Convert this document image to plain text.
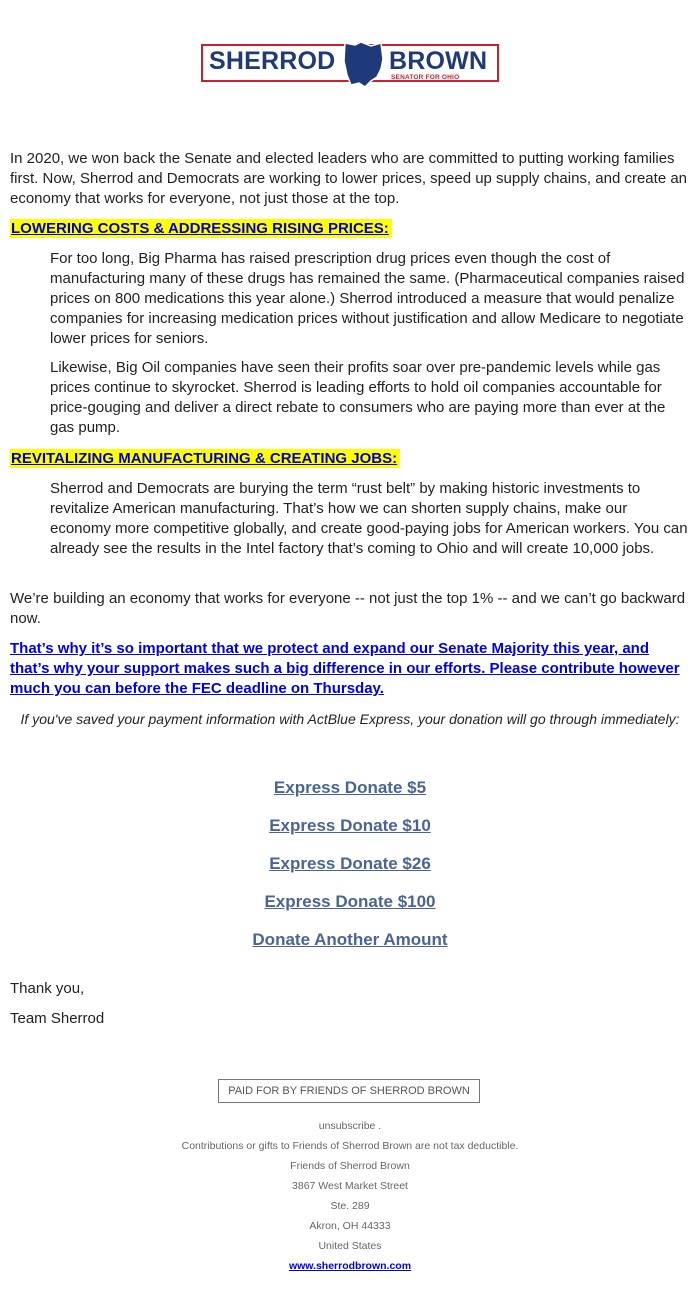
SHERROD BROWN
SENATOR FOR OHIO

In 2020, we won back the Senate and elected leaders who are committed to putting working families first. Now, Sherrod and Democrats are working to lower prices, speed up supply chains, and create an economy that works for everyone, not just those at the top.

LOWERING COSTS & ADDRESSING RISING PRICES:

For too long, Big Pharma has raised prescription drug prices even though the cost of manufacturing many of these drugs has remained the same. (Pharmaceutical companies raised prices on 800 medications this year alone.) Sherrod introduced a measure that would penalize companies for increasing medication prices without justification and allow Medicare to negotiate lower prices for seniors.

Likewise, Big Oil companies have seen their profits soar over pre-pandemic levels while gas prices continue to skyrocket. Sherrod is leading efforts to hold oil companies accountable for price-gouging and deliver a direct rebate to consumers who are paying more than ever at the gas pump.

REVITALIZING MANUFACTURING & CREATING JOBS:

Sherrod and Democrats are burying the term “rust belt” by making historic investments to revitalize American manufacturing. That’s how we can shorten supply chains, make our economy more competitive globally, and create good-paying jobs for American workers. You can already see the results in the Intel factory that’s coming to Ohio and will create 10,000 jobs.

We’re building an economy that works for everyone -- not just the top 1% -- and we can’t go backward now.

That’s why it’s so important that we protect and expand our Senate Majority this year, and that’s why your support makes such a big difference in our efforts. Please contribute however much you can before the FEC deadline on Thursday.

If you've saved your payment information with ActBlue Express, your donation will go through immediately:

Express Donate $5

Express Donate $10

Express Donate $26

Express Donate $100

Donate Another Amount

Thank you,

Team Sherrod

PAID FOR BY FRIENDS OF SHERROD BROWN

unsubscribe .

Contributions or gifts to Friends of Sherrod Brown are not tax deductible.

Friends of Sherrod Brown

3867 West Market Street

Ste. 289

Akron, OH 44333

United States

www.sherrodbrown.com
